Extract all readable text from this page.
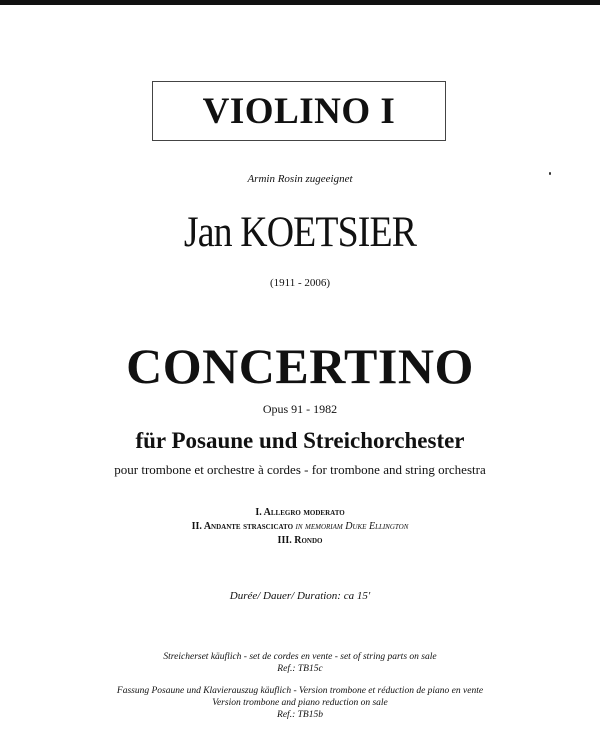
VIOLINO I
Armin Rosin zugeeignet
Jan KOETSIER
(1911 - 2006)
CONCERTINO
Opus 91 - 1982
für Posaune und Streichorchester
pour trombone et orchestre à cordes - for trombone and string orchestra
I. Allegro moderato
II. Andante strascicato in memoriam Duke Ellington
III. Rondo
Durée/ Dauer/ Duration: ca 15'
Streicherset käuflich - set de cordes en vente - set of string parts on sale
Ref.: TB15c
Fassung Posaune und Klavierauszug käuflich - Version trombone et réduction de piano en vente
Version trombone and piano reduction on sale
Ref.: TB15b
